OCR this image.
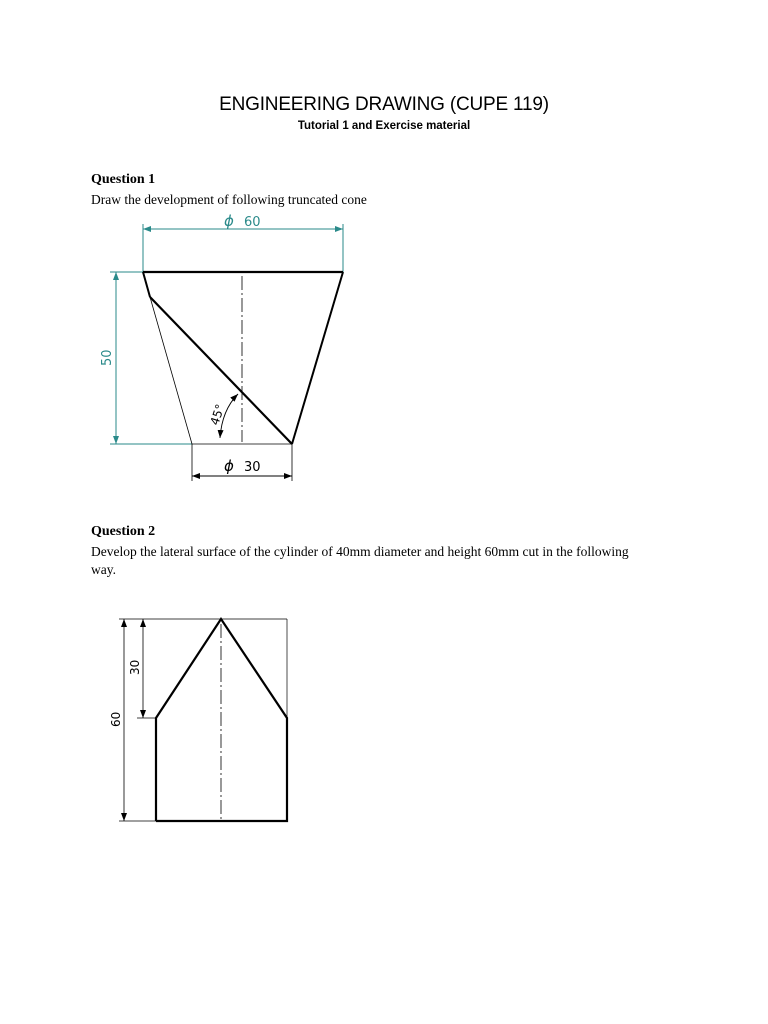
ENGINEERING DRAWING (CUPE 119)
Tutorial 1 and Exercise material
Question 1
Draw the development of following truncated cone
Question 2
Develop the lateral surface of the cylinder of 40mm diameter and height 60mm cut in the following way.
ϕ 60
50
45°
ϕ 30
60
30
